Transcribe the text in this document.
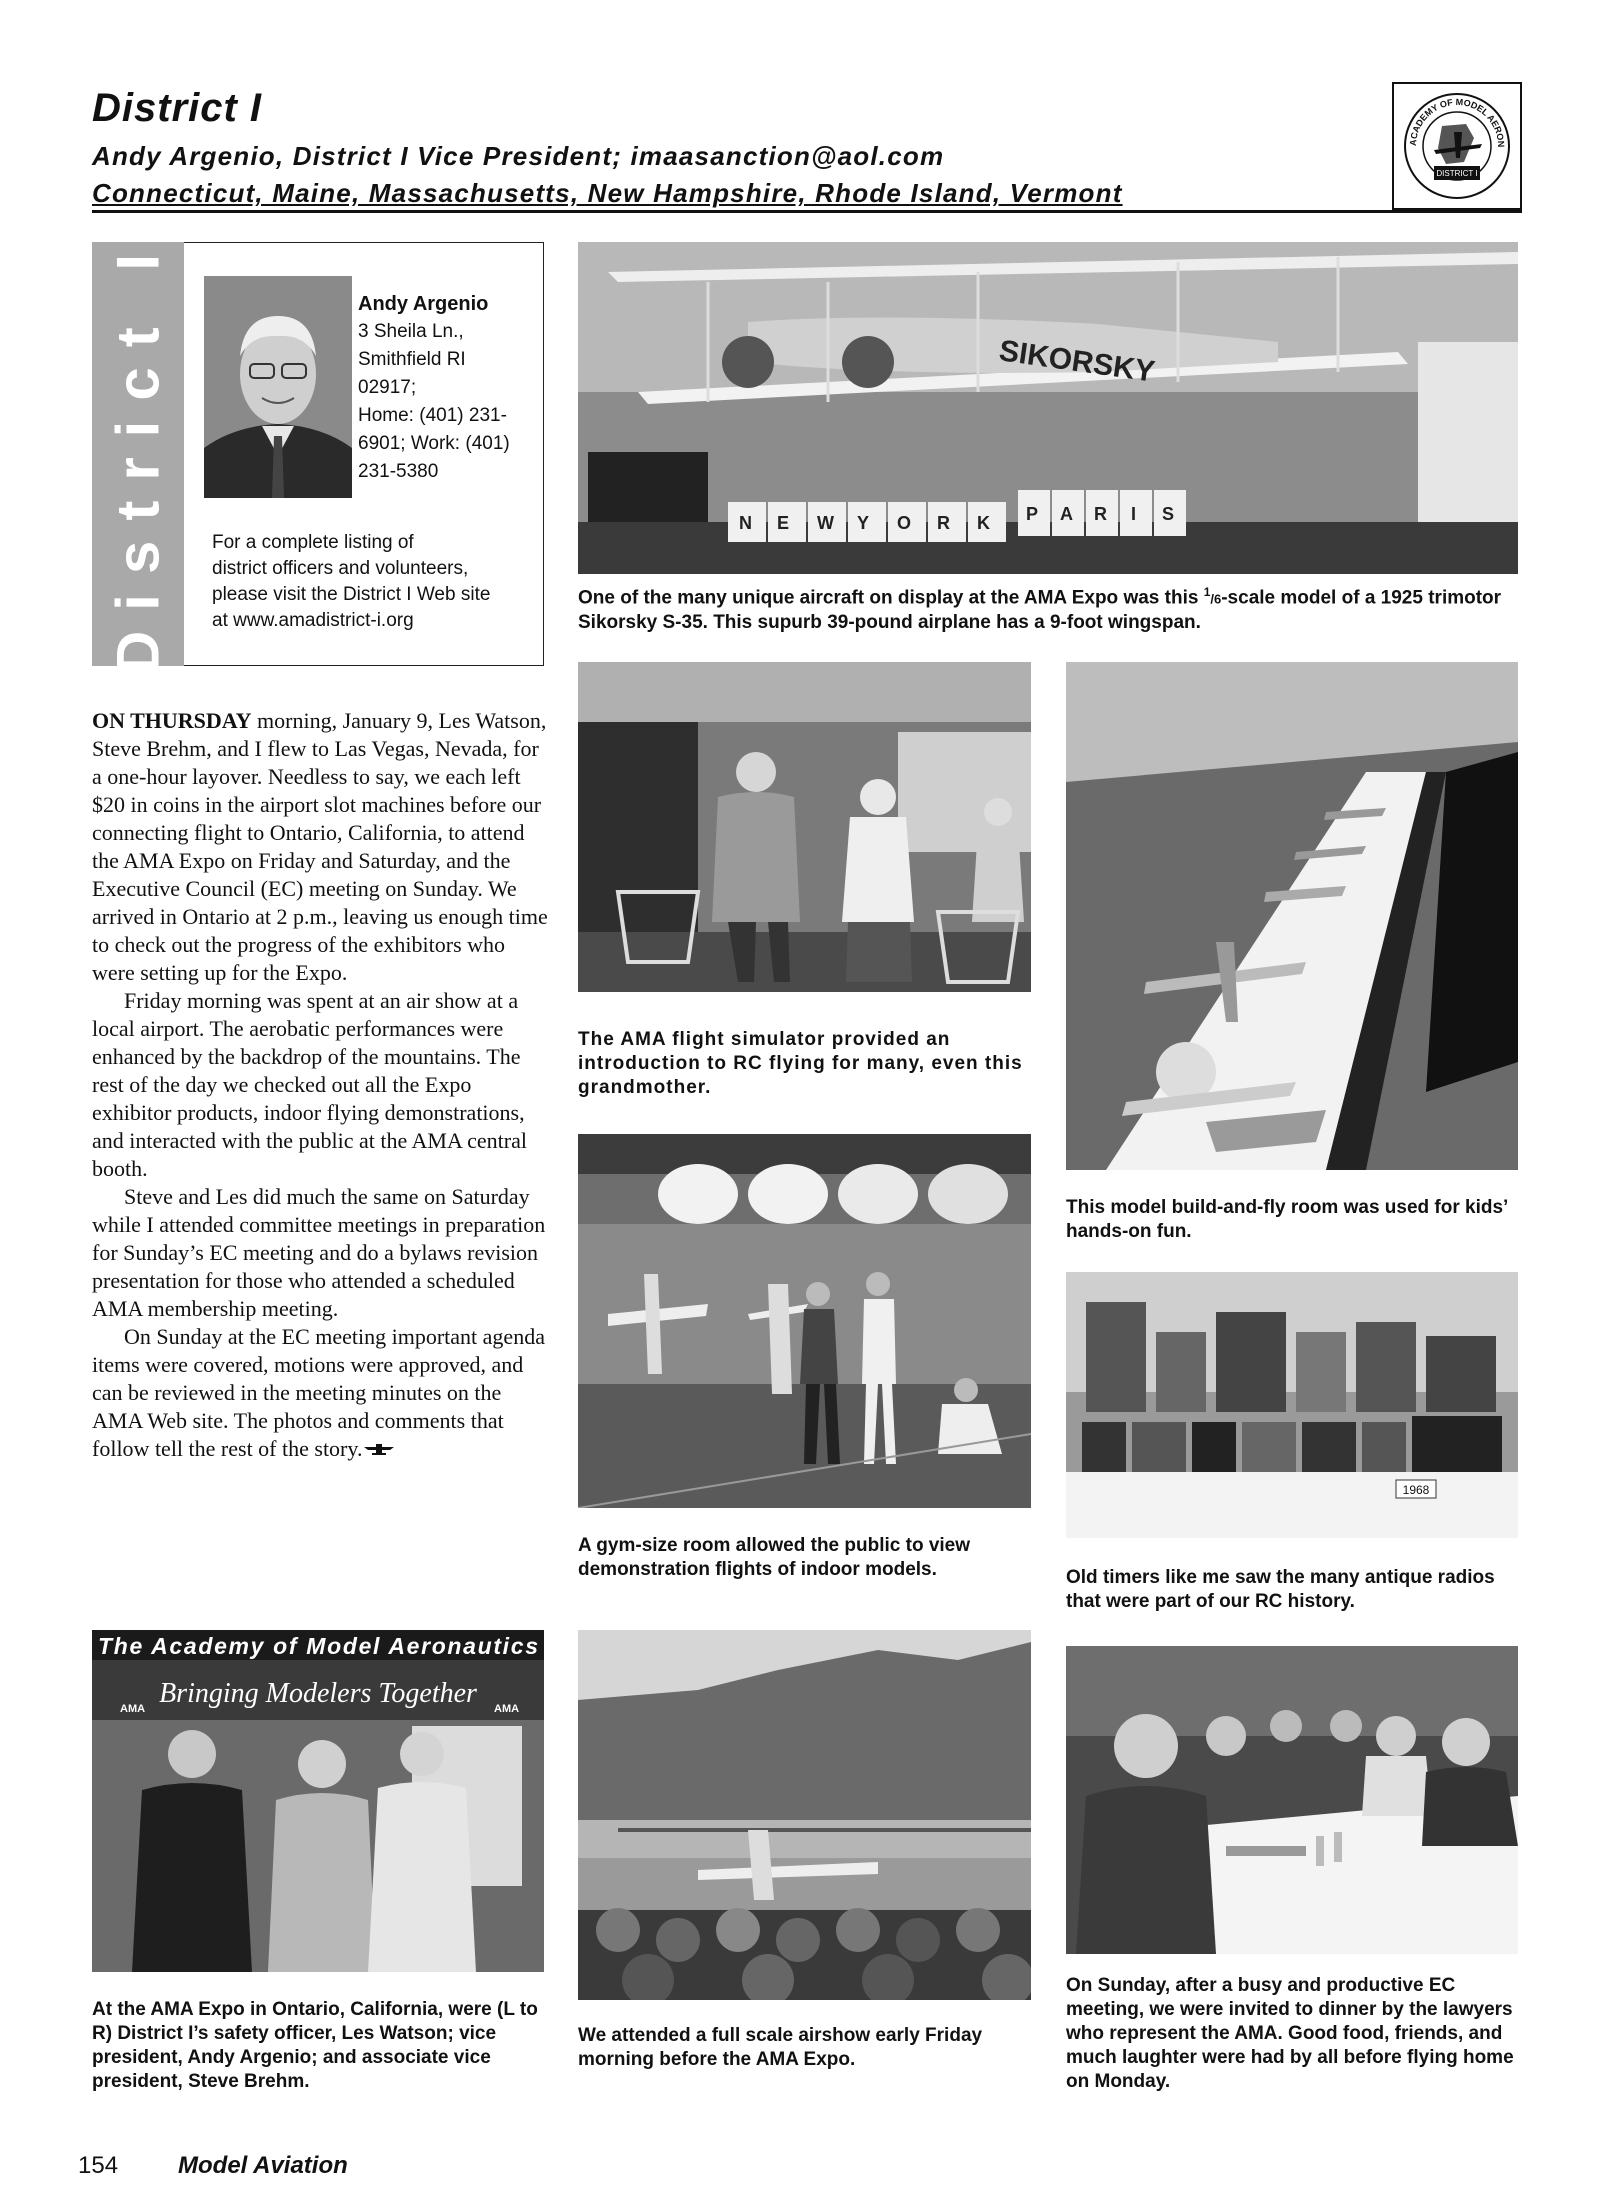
District I
Andy Argenio, District I Vice President; imaasanction@aol.com
Connecticut, Maine, Massachusetts, New Hampshire, Rhode Island, Vermont
ACADEMY OF MODEL AERON
DISTRICT I
District I	Andy Argenio
3 Sheila Ln.,
Smithfield RI
02917;
Home: (401) 231-
6901; Work: (401)
231-5380
For a complete listing of
district officers and volunteers,
please visit the District I Web site
at www.amadistrict-i.org

ON THURSDAY morning, January 9, Les Watson, Steve Brehm, and I flew to Las Vegas, Nevada, for a one-hour layover. Needless to say, we each left $20 in coins in the airport slot machines before our connecting flight to Ontario, California, to attend the AMA Expo on Friday and Saturday, and the Executive Council (EC) meeting on Sunday. We arrived in Ontario at 2 p.m., leaving us enough time to check out the progress of the exhibitors who were setting up for the Expo.

Friday morning was spent at an air show at a local airport. The aerobatic performances were enhanced by the backdrop of the mountains. The rest of the day we checked out all the Expo exhibitor products, indoor flying demonstrations, and interacted with the public at the AMA central booth.

Steve and Les did much the same on Saturday while I attended committee meetings in preparation for Sunday’s EC meeting and do a bylaws revision presentation for those who attended a scheduled AMA membership meeting.

On Sunday at the EC meeting important agenda items were covered, motions were approved, and can be reviewed in the meeting minutes on the AMA Web site. The photos and comments that follow tell the rest of the story.

SIKORSKY
N E W Y O R K P A R I S
One of the many unique aircraft on display at the AMA Expo was this $^1$/6-scale model of a 1925 trimotor Sikorsky S-35. This supurb 39-pound airplane has a 9-foot wingspan.
The AMA flight simulator provided an introduction to RC flying for many, even this grandmother.
This model build-and-fly room was used for kids’ hands-on fun.
A gym-size room allowed the public to view demonstration flights of indoor models.
1968
Old timers like me saw the many antique radios that were part of our RC history.
The Academy of Model Aeronautics
Bringing Modelers Together
AMA	AMA
At the AMA Expo in Ontario, California, were (L to R) District I’s safety officer, Les Watson; vice president, Andy Argenio; and associate vice president, Steve Brehm.
We attended a full scale airshow early Friday morning before the AMA Expo.
On Sunday, after a busy and productive EC meeting, we were invited to dinner by the lawyers who represent the AMA. Good food, friends, and much laughter were had by all before flying home on Monday.
154 Model Aviation
